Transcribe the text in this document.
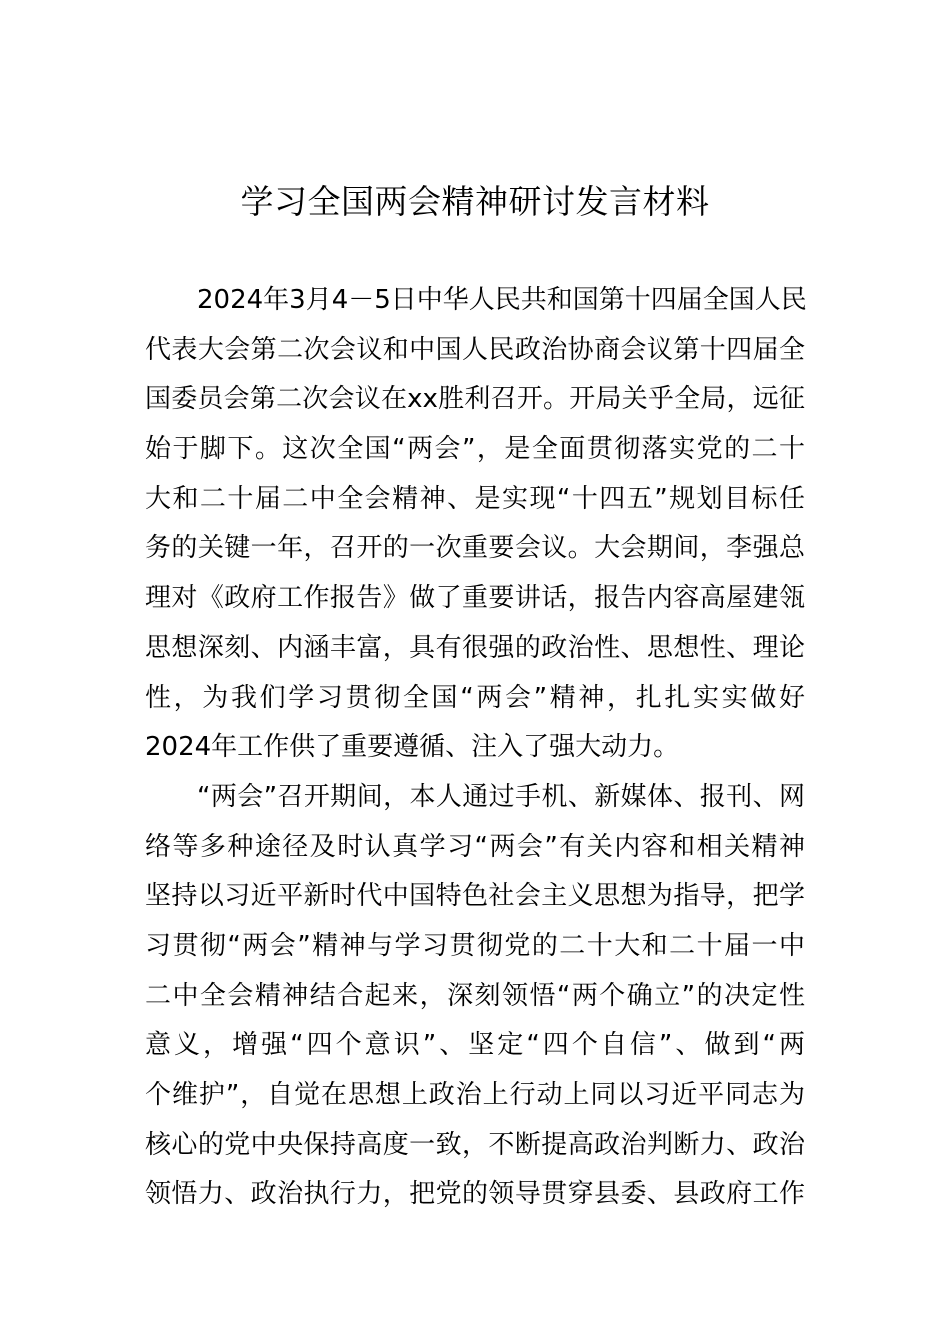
学习全国两会精神研讨发言材料
2024年3月4－5日中华人民共和国第十四届全国人民
代表大会第二次会议和中国人民政治协商会议第十四届全
国委员会第二次会议在xx胜利召开。开局关乎全局，远征
始于脚下。这次全国“两会”，是全面贯彻落实党的二十
大和二十届二中全会精神、是实现“十四五”规划目标任
务的关键一年，召开的一次重要会议。大会期间，李强总
理对《政府工作报告》做了重要讲话，报告内容高屋建瓴
思想深刻、内涵丰富，具有很强的政治性、思想性、理论
性，为我们学习贯彻全国“两会”精神，扎扎实实做好
2024年工作供了重要遵循、注入了强大动力。
“两会”召开期间，本人通过手机、新媒体、报刊、网
络等多种途径及时认真学习“两会”有关内容和相关精神
坚持以习近平新时代中国特色社会主义思想为指导，把学
习贯彻“两会”精神与学习贯彻党的二十大和二十届一中
二中全会精神结合起来，深刻领悟“两个确立”的决定性
意义，增强“四个意识”、坚定“四个自信”、做到“两
个维护”，自觉在思想上政治上行动上同以习近平同志为
核心的党中央保持高度一致，不断提高政治判断力、政治
领悟力、政治执行力，把党的领导贯穿县委、县政府工作
